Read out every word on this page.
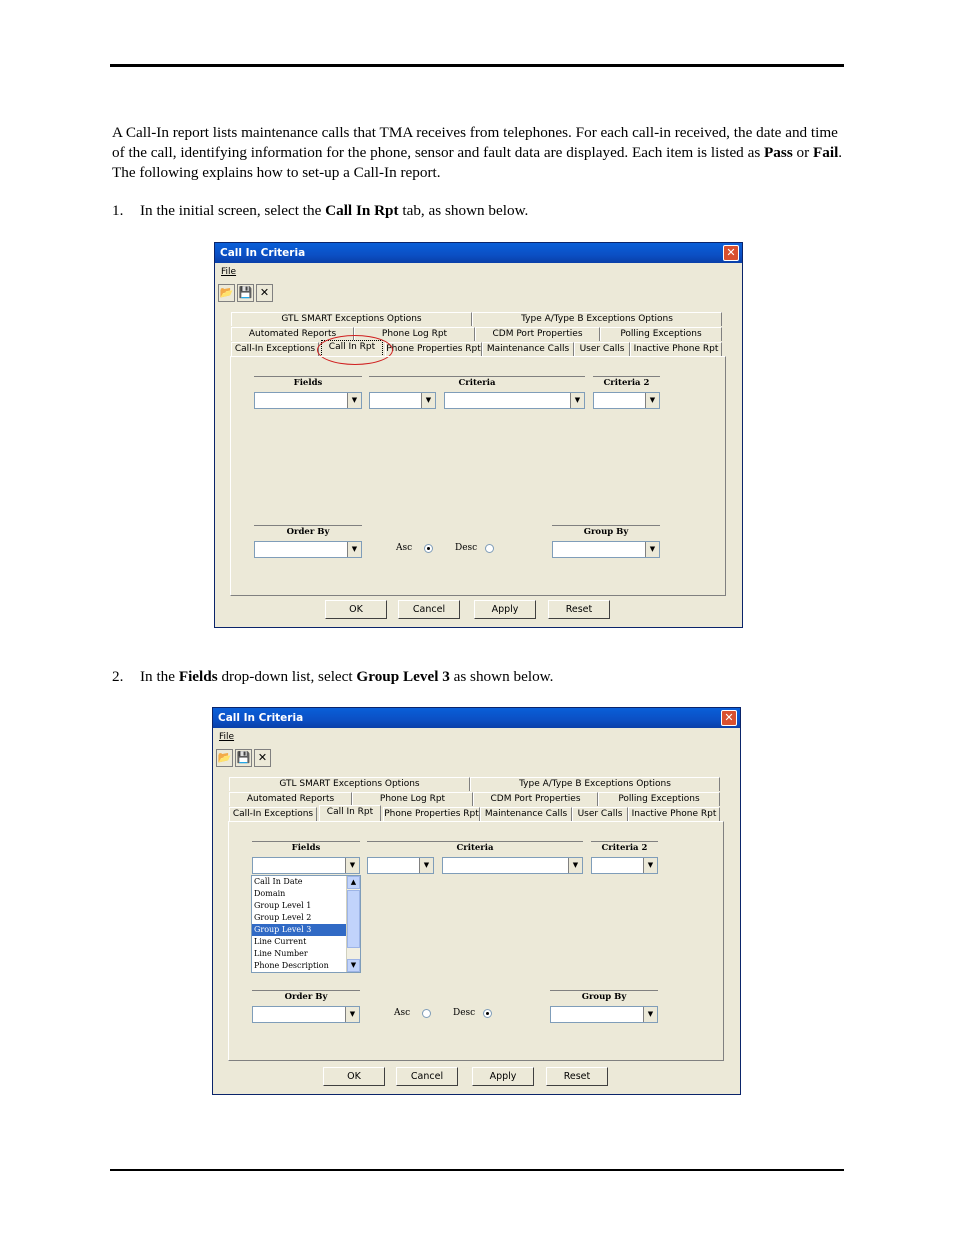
A Call-In report lists maintenance calls that TMA receives from telephones. For each call-in received, the date and time of the call, identifying information for the phone, sensor and fault data are displayed. Each item is listed as Pass or Fail. The following explains how to set-up a Call-In report.
1. In the initial screen, select the Call In Rpt tab, as shown below.
Call In Criteria	✕
File
📂 💾 ✕
GTL SMART Exceptions Options	Type A/Type B Exceptions Options
Automated Reports	Phone Log Rpt	CDM Port Properties	Polling Exceptions
Call-In Exceptions	Call In Rpt	Phone Properties Rpt Maintenance Calls	User Calls	Inactive Phone Rpt
Fields	Criteria	Criteria 2
▼	▼	▼	▼
Order By	Group By
▼	▼
Asc	Desc
OK	Cancel	Apply	Reset
2. In the Fields drop-down list, select Group Level 3 as shown below.
Call In Criteria	✕
File
📂 💾 ✕
GTL SMART Exceptions Options	Type A/Type B Exceptions Options
Automated Reports	Phone Log Rpt	CDM Port Properties	Polling Exceptions
Call-In Exceptions	Call In Rpt	Phone Properties Rpt Maintenance Calls	User Calls	Inactive Phone Rpt
Fields	Criteria	Criteria 2
▼	▼	▼	▼
Call In Date
Domain
Group Level 1
Group Level 2
Group Level 3
Line Current
Line Number
Phone Description
▲
▼
Order By	Group By
▼	▼
Asc	Desc
OK	Cancel	Apply	Reset
